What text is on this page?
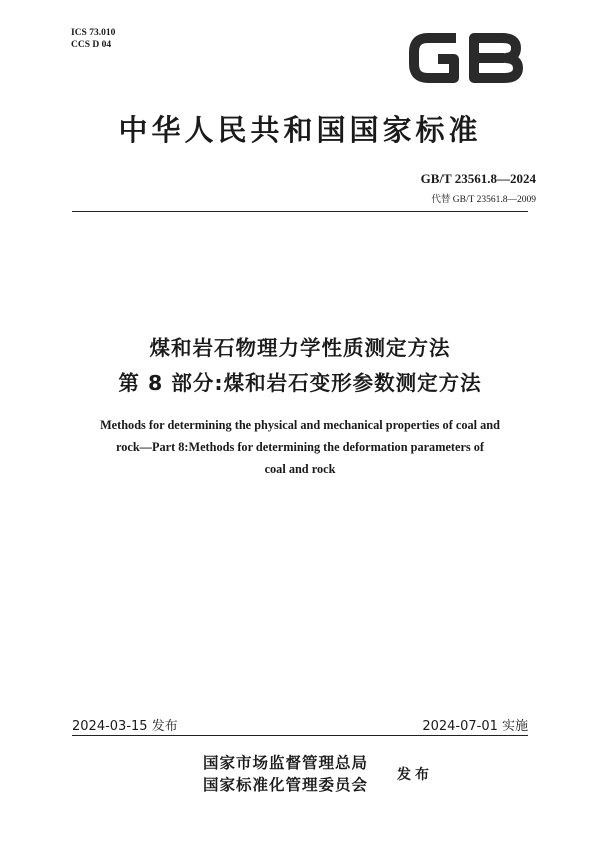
ICS 73.010
CCS D 04
中华人民共和国国家标准
GB/T 23561.8—2024
代替 GB/T 23561.8—2009
煤和岩石物理力学性质测定方法
第 8 部分:煤和岩石变形参数测定方法
Methods for determining the physical and mechanical properties of coal and
rock—Part 8:Methods for determining the deformation parameters of
coal and rock
2024-03-15 发布	2024-07-01 实施
国家市场监督管理总局
国家标准化管理委员会 发布
